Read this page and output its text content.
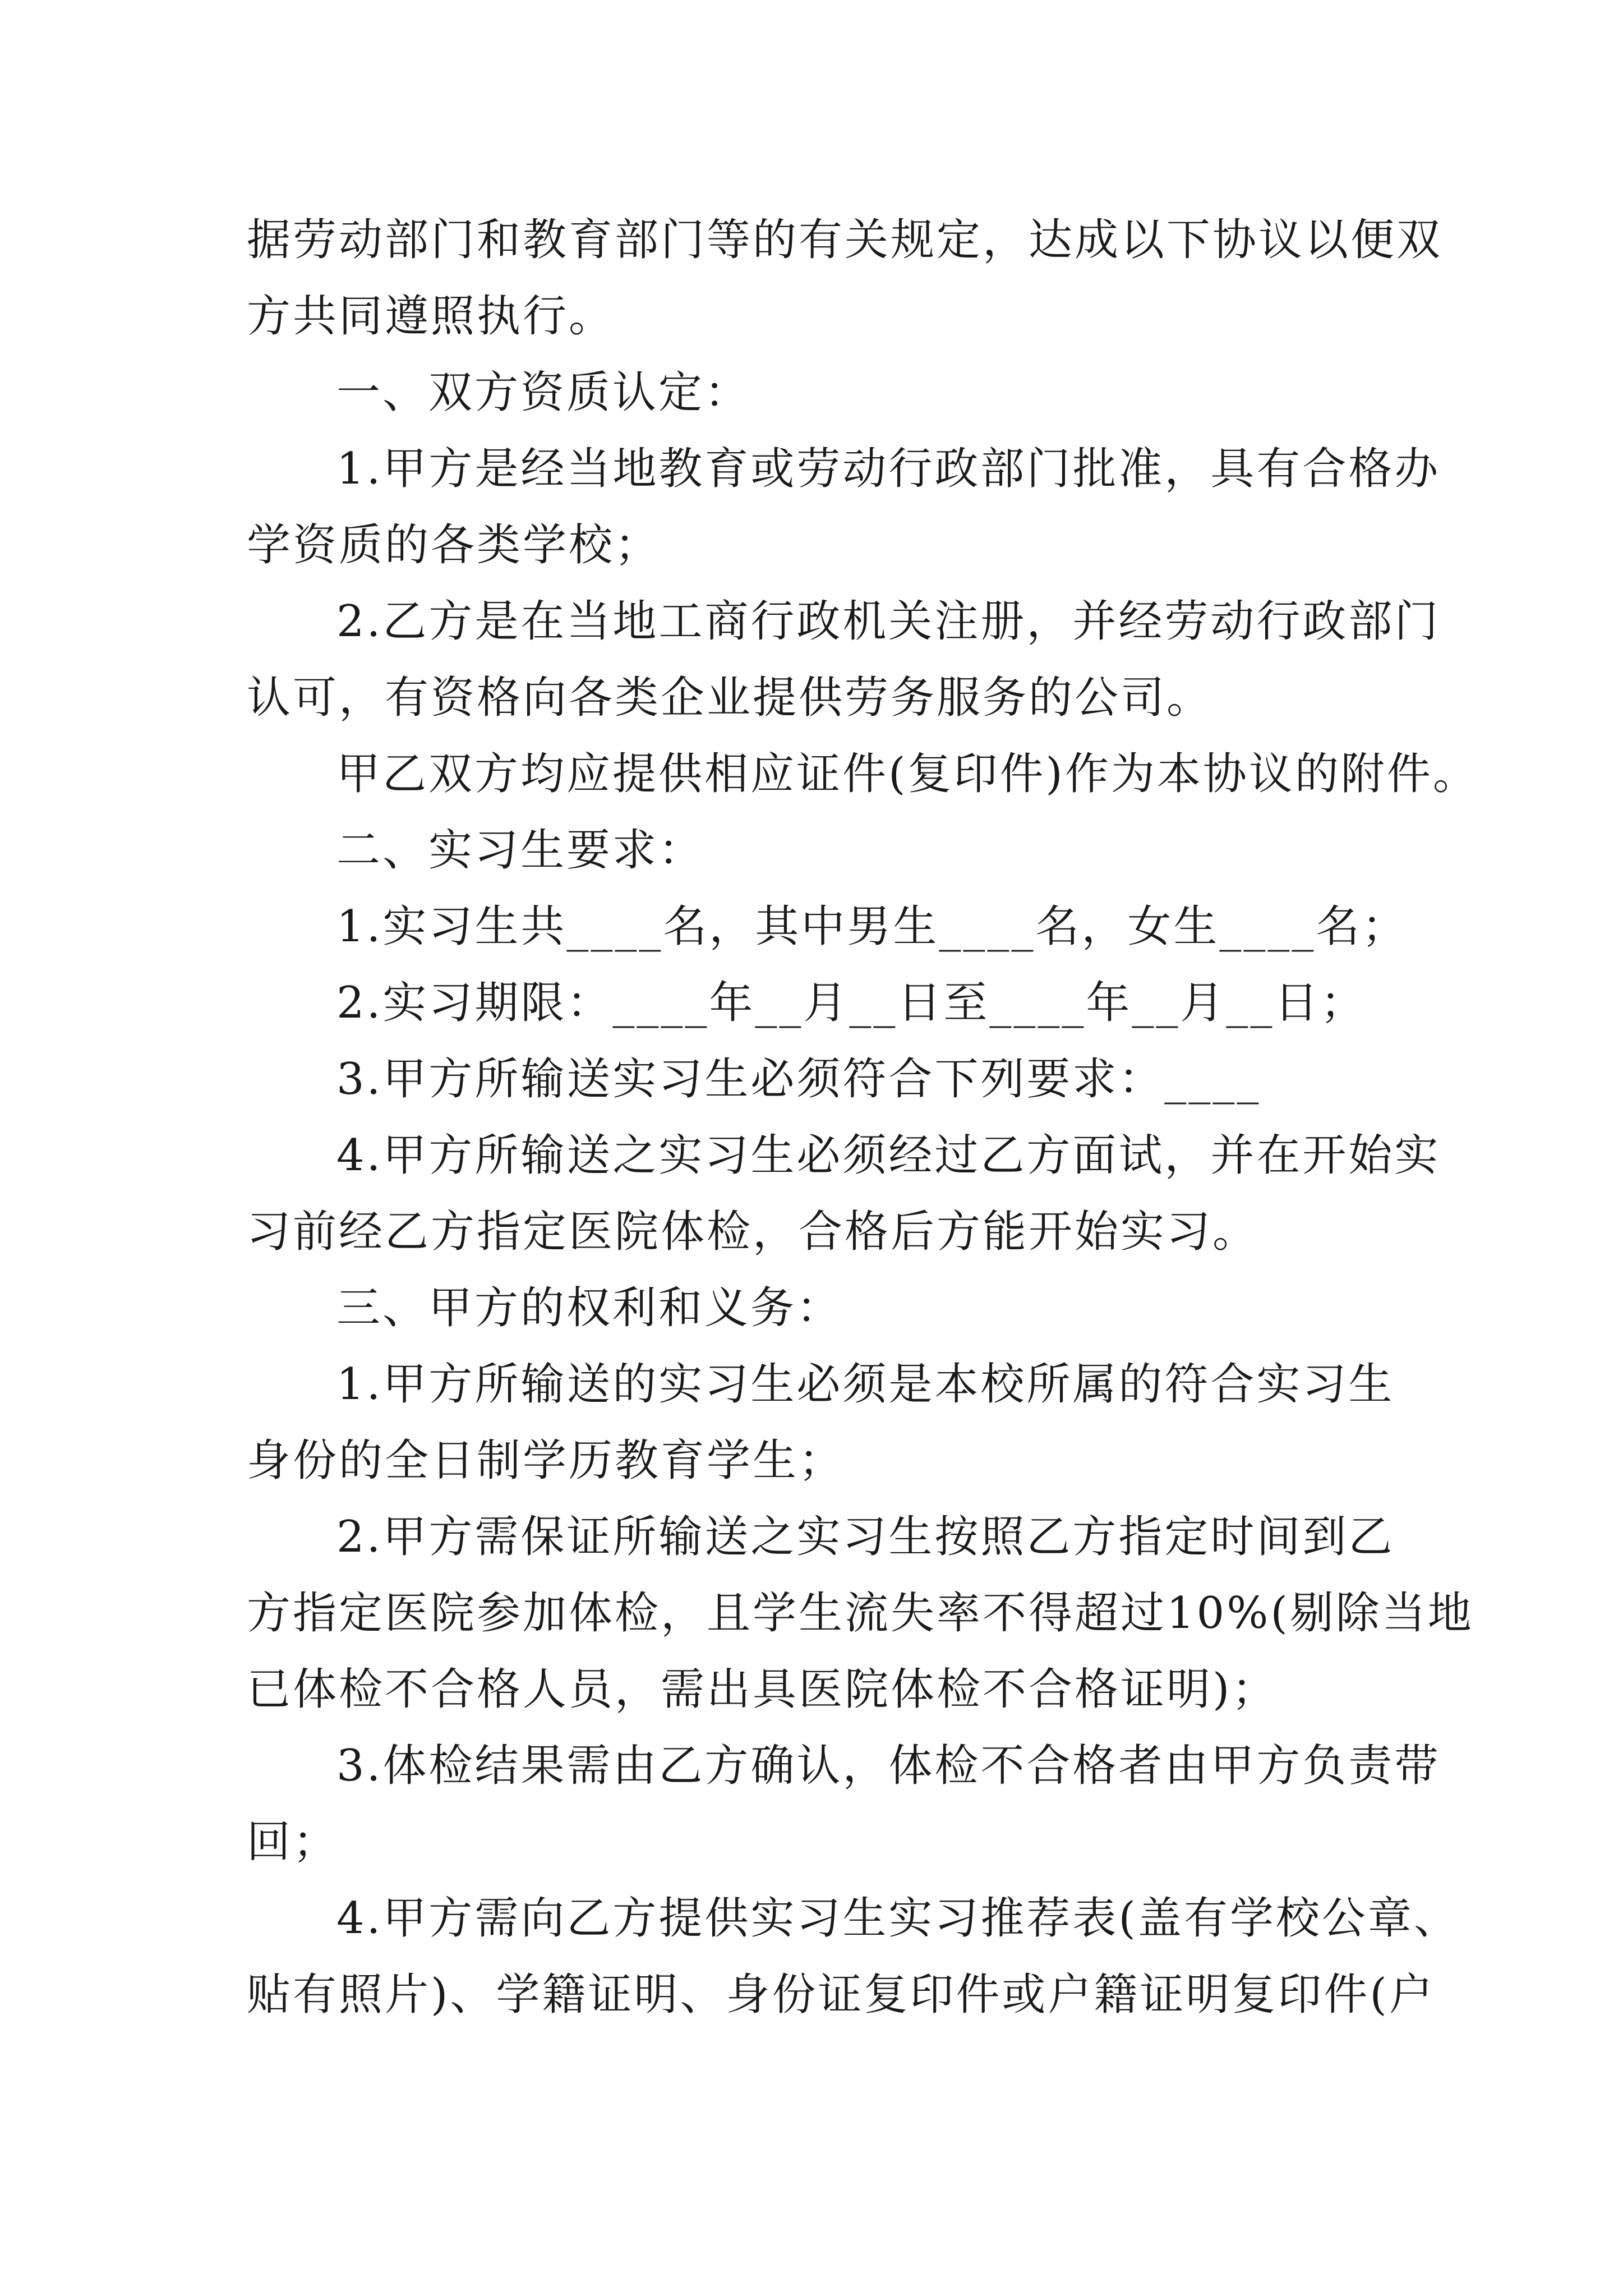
据劳动部门和教育部门等的有关规定，达成以下协议以便双
方共同遵照执行。
一、双方资质认定：
1.甲方是经当地教育或劳动行政部门批准，具有合格办
学资质的各类学校；
2.乙方是在当地工商行政机关注册，并经劳动行政部门
认可，有资格向各类企业提供劳务服务的公司。
甲乙双方均应提供相应证件(复印件)作为本协议的附件。
二、实习生要求：
1.实习生共____名，其中男生____名，女生____名；
2.实习期限：____年__月__日至____年__月__日；
3.甲方所输送实习生必须符合下列要求：____
4.甲方所输送之实习生必须经过乙方面试，并在开始实
习前经乙方指定医院体检，合格后方能开始实习。
三、甲方的权利和义务：
1.甲方所输送的实习生必须是本校所属的符合实习生
身份的全日制学历教育学生；
2.甲方需保证所输送之实习生按照乙方指定时间到乙
方指定医院参加体检，且学生流失率不得超过10%(剔除当地
已体检不合格人员，需出具医院体检不合格证明)；
3.体检结果需由乙方确认，体检不合格者由甲方负责带
回；
4.甲方需向乙方提供实习生实习推荐表(盖有学校公章、
贴有照片)、学籍证明、身份证复印件或户籍证明复印件(户
